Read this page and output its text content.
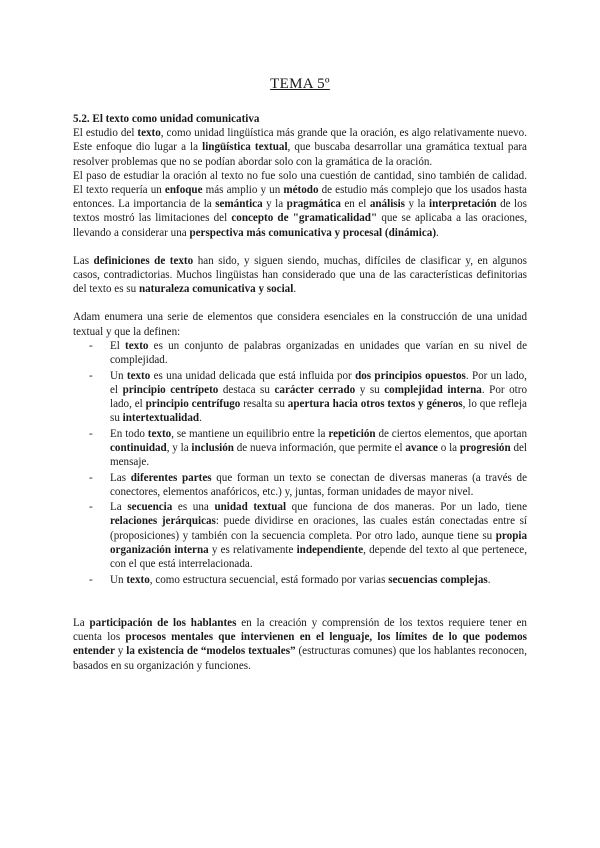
TEMA 5º
5.2. El texto como unidad comunicativa

El estudio del texto, como unidad lingüística más grande que la oración, es algo relativamente nuevo. Este enfoque dio lugar a la lingüística textual, que buscaba desarrollar una gramática textual para resolver problemas que no se podían abordar solo con la gramática de la oración.

El paso de estudiar la oración al texto no fue solo una cuestión de cantidad, sino también de calidad. El texto requería un enfoque más amplio y un método de estudio más complejo que los usados hasta entonces. La importancia de la semántica y la pragmática en el análisis y la interpretación de los textos mostró las limitaciones del concepto de "gramaticalidad" que se aplicaba a las oraciones, llevando a considerar una perspectiva más comunicativa y procesal (dinámica).

Las definiciones de texto han sido, y siguen siendo, muchas, difíciles de clasificar y, en algunos casos, contradictorias. Muchos lingüistas han considerado que una de las características definitorias del texto es su naturaleza comunicativa y social.

Adam enumera una serie de elementos que considera esenciales en la construcción de una unidad textual y que la definen:

- El texto es un conjunto de palabras organizadas en unidades que varían en su nivel de complejidad.
- Un texto es una unidad delicada que está influida por dos principios opuestos. Por un lado, el principio centrípeto destaca su carácter cerrado y su complejidad interna. Por otro lado, el principio centrífugo resalta su apertura hacia otros textos y géneros, lo que refleja su intertextualidad.
- En todo texto, se mantiene un equilibrio entre la repetición de ciertos elementos, que aportan continuidad, y la inclusión de nueva información, que permite el avance o la progresión del mensaje.
- Las diferentes partes que forman un texto se conectan de diversas maneras (a través de conectores, elementos anafóricos, etc.) y, juntas, forman unidades de mayor nivel.
- La secuencia es una unidad textual que funciona de dos maneras. Por un lado, tiene relaciones jerárquicas: puede dividirse en oraciones, las cuales están conectadas entre sí (proposiciones) y también con la secuencia completa. Por otro lado, aunque tiene su propia organización interna y es relativamente independiente, depende del texto al que pertenece, con el que está interrelacionada.
- Un texto, como estructura secuencial, está formado por varias secuencias complejas.

La participación de los hablantes en la creación y comprensión de los textos requiere tener en cuenta los procesos mentales que intervienen en el lenguaje, los límites de lo que podemos entender y la existencia de “modelos textuales” (estructuras comunes) que los hablantes reconocen, basados en su organización y funciones.
